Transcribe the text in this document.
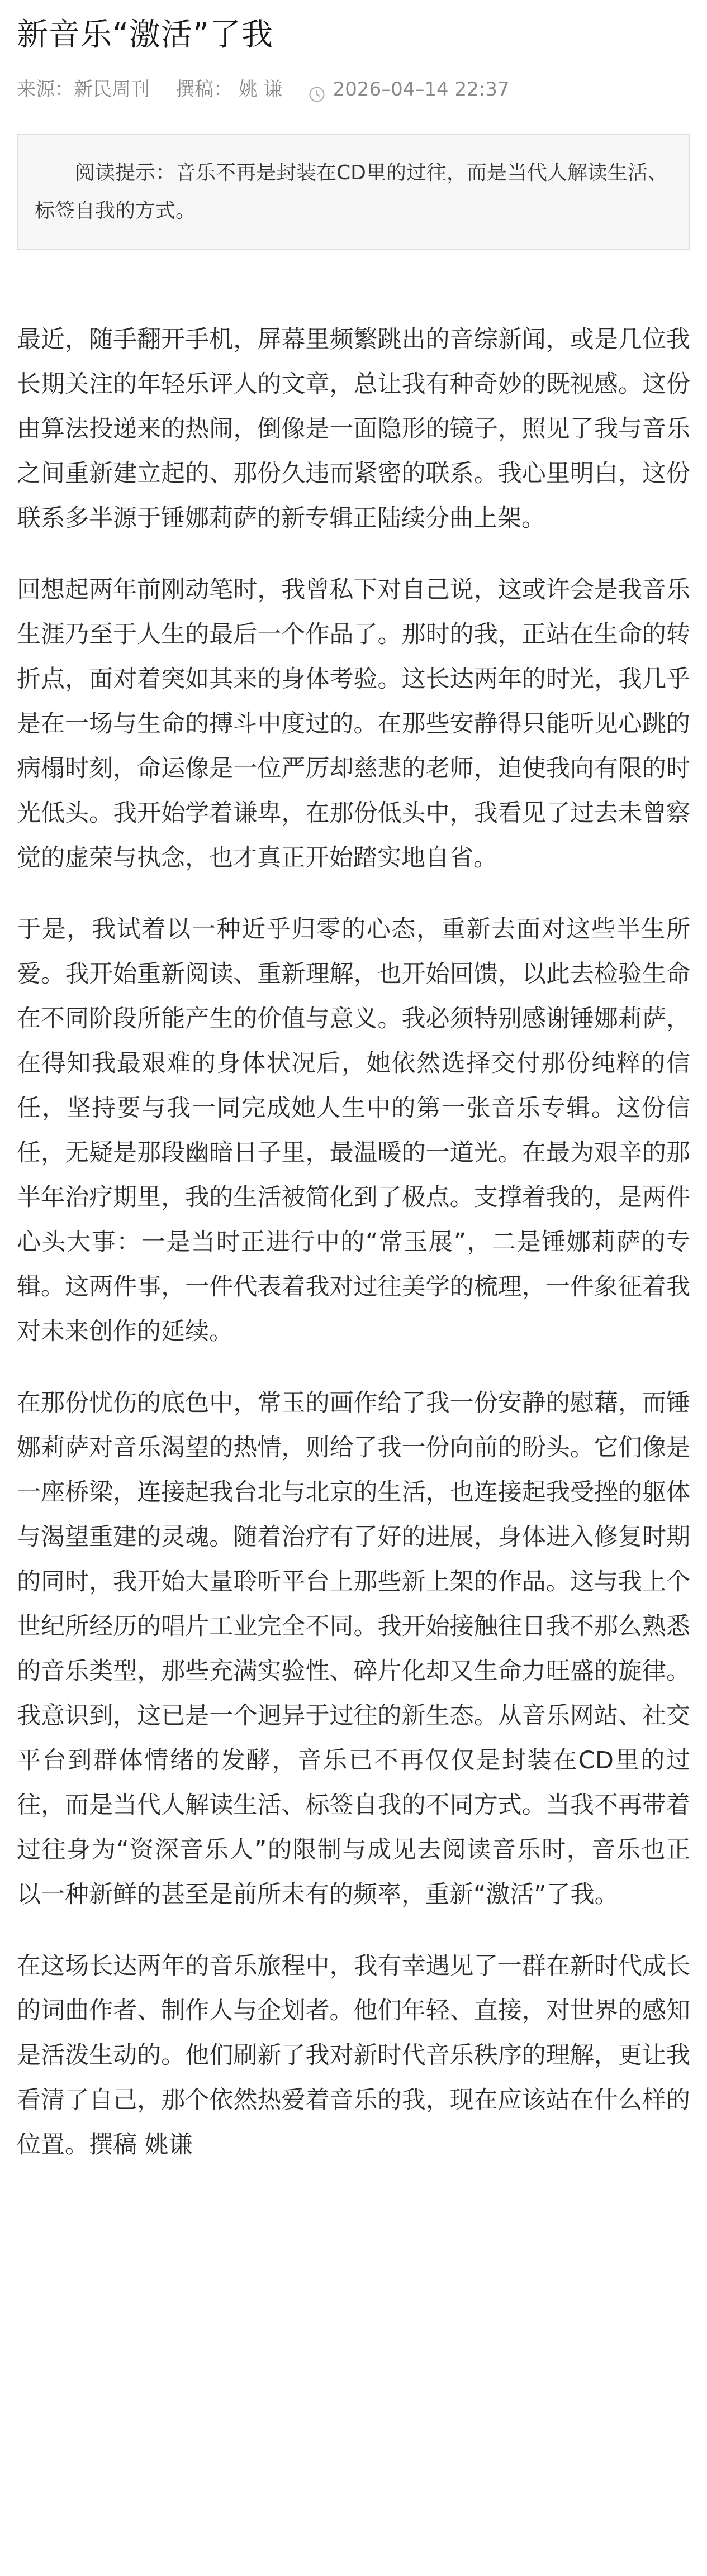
新音乐“激活”了我
来源：新民周刊 撰稿： 姚 谦	2026–04–14 22:37
阅读提示：音乐不再是封装在CD里的过往，而是当代人解读生活、标签自我的方式。

最近，随手翻开手机，屏幕里频繁跳出的音综新闻，或是几位我长期关注的年轻乐评人的文章，总让我有种奇妙的既视感。这份由算法投递来的热闹，倒像是一面隐形的镜子，照见了我与音乐之间重新建立起的、那份久违而紧密的联系。我心里明白，这份联系多半源于锤娜莉萨的新专辑正陆续分曲上架。

回想起两年前刚动笔时，我曾私下对自己说，这或许会是我音乐生涯乃至于人生的最后一个作品了。那时的我，正站在生命的转折点，面对着突如其来的身体考验。这长达两年的时光，我几乎是在一场与生命的搏斗中度过的。在那些安静得只能听见心跳的病榻时刻，命运像是一位严厉却慈悲的老师，迫使我向有限的时光低头。我开始学着谦卑，在那份低头中，我看见了过去未曾察觉的虚荣与执念，也才真正开始踏实地自省。

于是，我试着以一种近乎归零的心态，重新去面对这些半生所爱。我开始重新阅读、重新理解，也开始回馈，以此去检验生命在不同阶段所能产生的价值与意义。我必须特别感谢锤娜莉萨，在得知我最艰难的身体状况后，她依然选择交付那份纯粹的信任，坚持要与我一同完成她人生中的第一张音乐专辑。这份信任，无疑是那段幽暗日子里，最温暖的一道光。在最为艰辛的那半年治疗期里，我的生活被简化到了极点。支撑着我的，是两件心头大事：一是当时正进行中的“常玉展”，二是锤娜莉萨的专辑。这两件事，一件代表着我对过往美学的梳理，一件象征着我对未来创作的延续。

在那份忧伤的底色中，常玉的画作给了我一份安静的慰藉，而锤娜莉萨对音乐渴望的热情，则给了我一份向前的盼头。它们像是一座桥梁，连接起我台北与北京的生活，也连接起我受挫的躯体与渴望重建的灵魂。随着治疗有了好的进展，身体进入修复时期的同时，我开始大量聆听平台上那些新上架的作品。这与我上个世纪所经历的唱片工业完全不同。我开始接触往日我不那么熟悉的音乐类型，那些充满实验性、碎片化却又生命力旺盛的旋律。我意识到，这已是一个迥异于过往的新生态。从音乐网站、社交平台到群体情绪的发酵，音乐已不再仅仅是封装在CD里的过往，而是当代人解读生活、标签自我的不同方式。当我不再带着过往身为“资深音乐人”的限制与成见去阅读音乐时，音乐也正以一种新鲜的甚至是前所未有的频率，重新“激活”了我。

在这场长达两年的音乐旅程中，我有幸遇见了一群在新时代成长的词曲作者、制作人与企划者。他们年轻、直接，对世界的感知是活泼生动的。他们刷新了我对新时代音乐秩序的理解，更让我看清了自己，那个依然热爱着音乐的我，现在应该站在什么样的位置。撰稿 姚谦
